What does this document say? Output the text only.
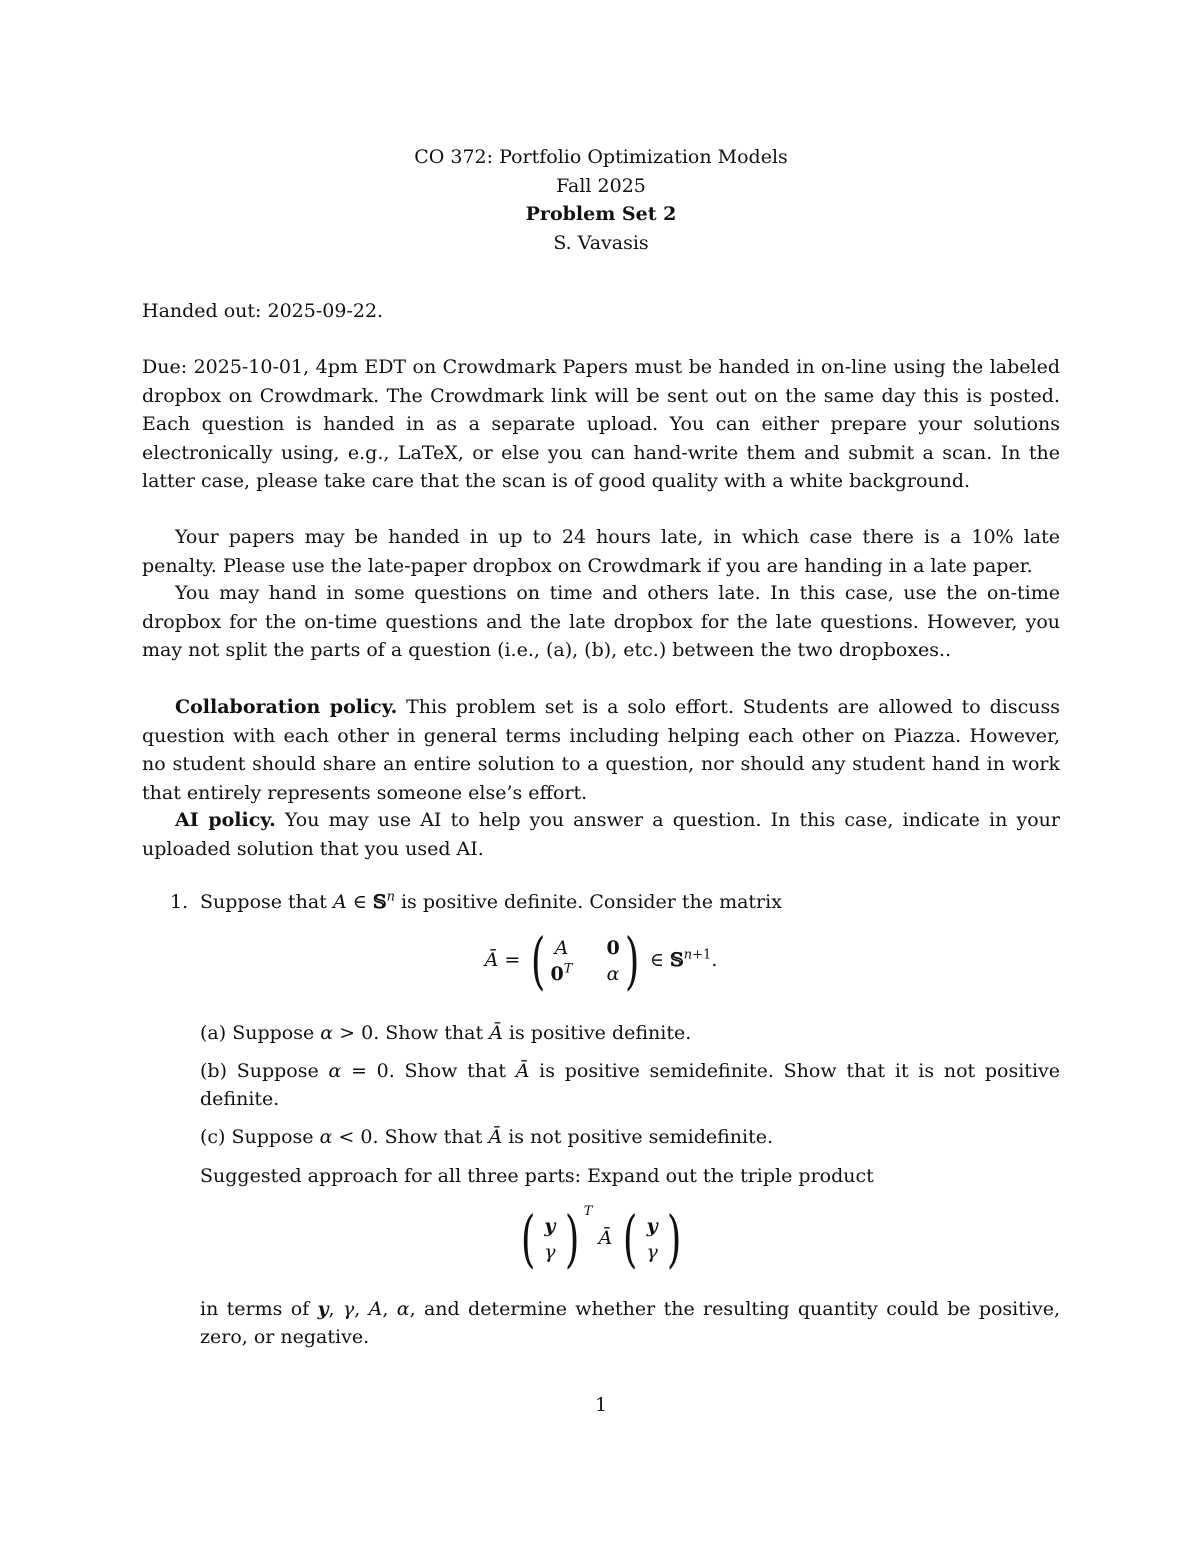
CO 372: Portfolio Optimization Models
Fall 2025
Problem Set 2
S. Vavasis

Handed out: 2025-09-22.

Due: 2025-10-01, 4pm EDT on Crowdmark Papers must be handed in on-line using the labeled dropbox on Crowdmark. The Crowdmark link will be sent out on the same day this is posted. Each question is handed in as a separate upload. You can either prepare your solutions electronically using, e.g., LaTeX, or else you can hand-write them and submit a scan. In the latter case, please take care that the scan is of good quality with a white background.

Your papers may be handed in up to 24 hours late, in which case there is a 10% late penalty. Please use the late-paper dropbox on Crowdmark if you are handing in a late paper.

You may hand in some questions on time and others late. In this case, use the on-time dropbox for the on-time questions and the late dropbox for the late questions. However, you may not split the parts of a question (i.e., (a), (b), etc.) between the two dropboxes..

Collaboration policy. This problem set is a solo effort. Students are allowed to discuss question with each other in general terms including helping each other on Piazza. However, no student should share an entire solution to a question, nor should any student hand in work that entirely represents someone else’s effort.

AI policy. You may use AI to help you answer a question. In this case, indicate in your uploaded solution that you used AI.

1. Suppose that A ∈ 𝕊$^n$ is positive definite. Consider the matrix
Ā = ( A 0
$0^T$ α ) ∈ 𝕊$^{n+1}$.
(a) Suppose α > 0. Show that Ā is positive definite.
(b) Suppose α = 0. Show that Ā is positive semidefinite. Show that it is not positive definite.
(c) Suppose α < 0. Show that Ā is not positive semidefinite.
Suggested approach for all three parts: Expand out the triple product
( y
γ ) $^T$ Ā ( y
γ )
in terms of y, γ, A, α, and determine whether the resulting quantity could be positive, zero, or negative.
1
